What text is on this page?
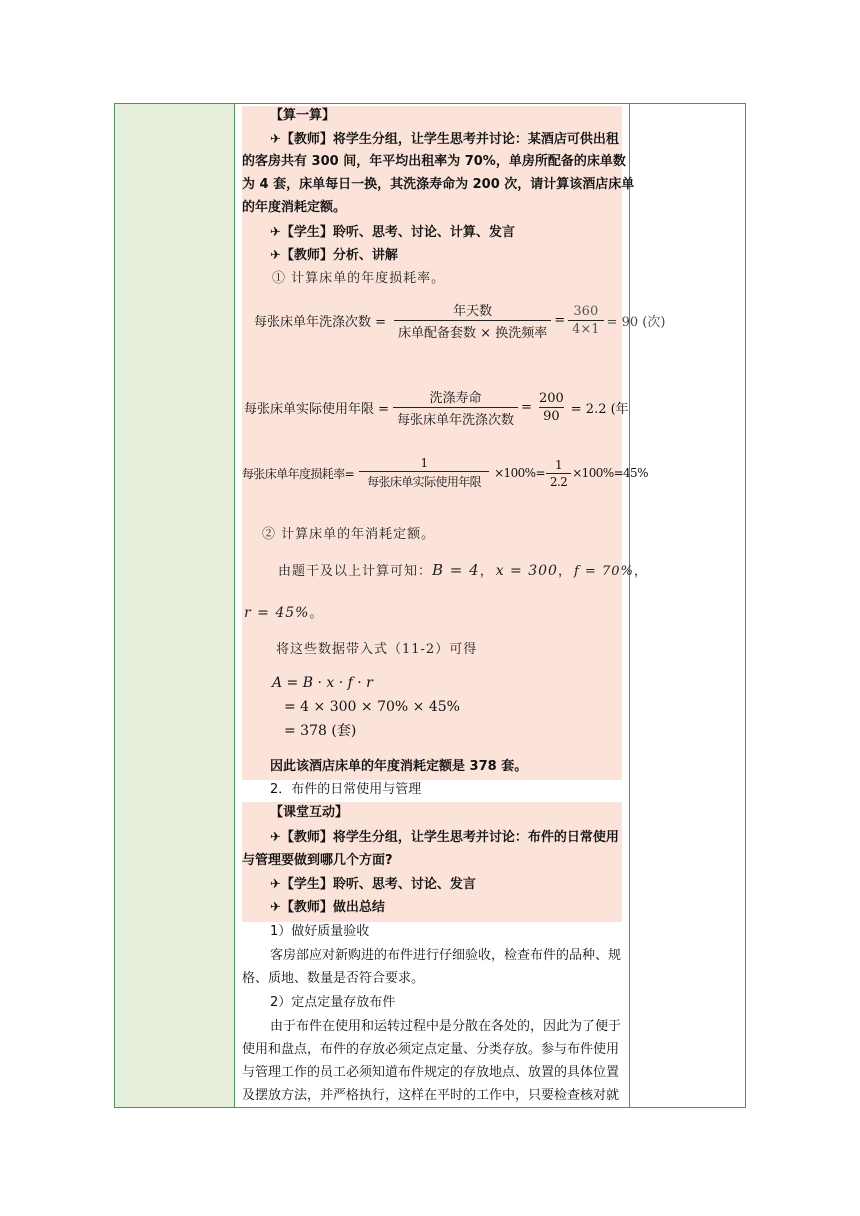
【算一算】
✈【教师】将学生分组，让学生思考并讨论：某酒店可供出租
的客房共有 300 间，年平均出租率为 70%，单房所配备的床单数
为 4 套，床单每日一换，其洗涤寿命为 200 次，请计算该酒店床单
的年度消耗定额。
✈【学生】聆听、思考、讨论、计算、发言
✈【教师】分析、讲解
① 计算床单的年度损耗率。
每张床单年洗涤次数 = $\frac{\text{年天数}}{\text{床单配备套数 × 换洗频率}} = \frac{360}{4\times 1} = 90$ (次)
每张床单实际使用年限 = $\frac{\text{洗涤寿命}}{\text{每张床单年洗涤次数}} = \frac{200}{90} = 2.2$ (年
每张床单年度损耗率= $\frac{1}{\text{每张床单实际使用年限}} \times 100\%= \frac{1}{2.2} \times 100\%=45\%$
② 计算床单的年消耗定额。
由题干及以上计算可知：B = 4， x = 300， f = 70%，
r = 45%。
将这些数据带入式（11-2）可得
A = B · x · f · r
= 4 × 300 × 70% × 45%
= 378 (套)
因此该酒店床单的年度消耗定额是 378 套。
2．布件的日常使用与管理
【课堂互动】
✈【教师】将学生分组，让学生思考并讨论：布件的日常使用
与管理要做到哪几个方面?
✈【学生】聆听、思考、讨论、发言
✈【教师】做出总结
1）做好质量验收
客房部应对新购进的布件进行仔细验收，检查布件的品种、规
格、质地、数量是否符合要求。
2）定点定量存放布件
由于布件在使用和运转过程中是分散在各处的，因此为了便于
使用和盘点，布件的存放必须定点定量、分类存放。参与布件使用
与管理工作的员工必须知道布件规定的存放地点、放置的具体位置
及摆放方法，并严格执行，这样在平时的工作中，只要检查核对就
